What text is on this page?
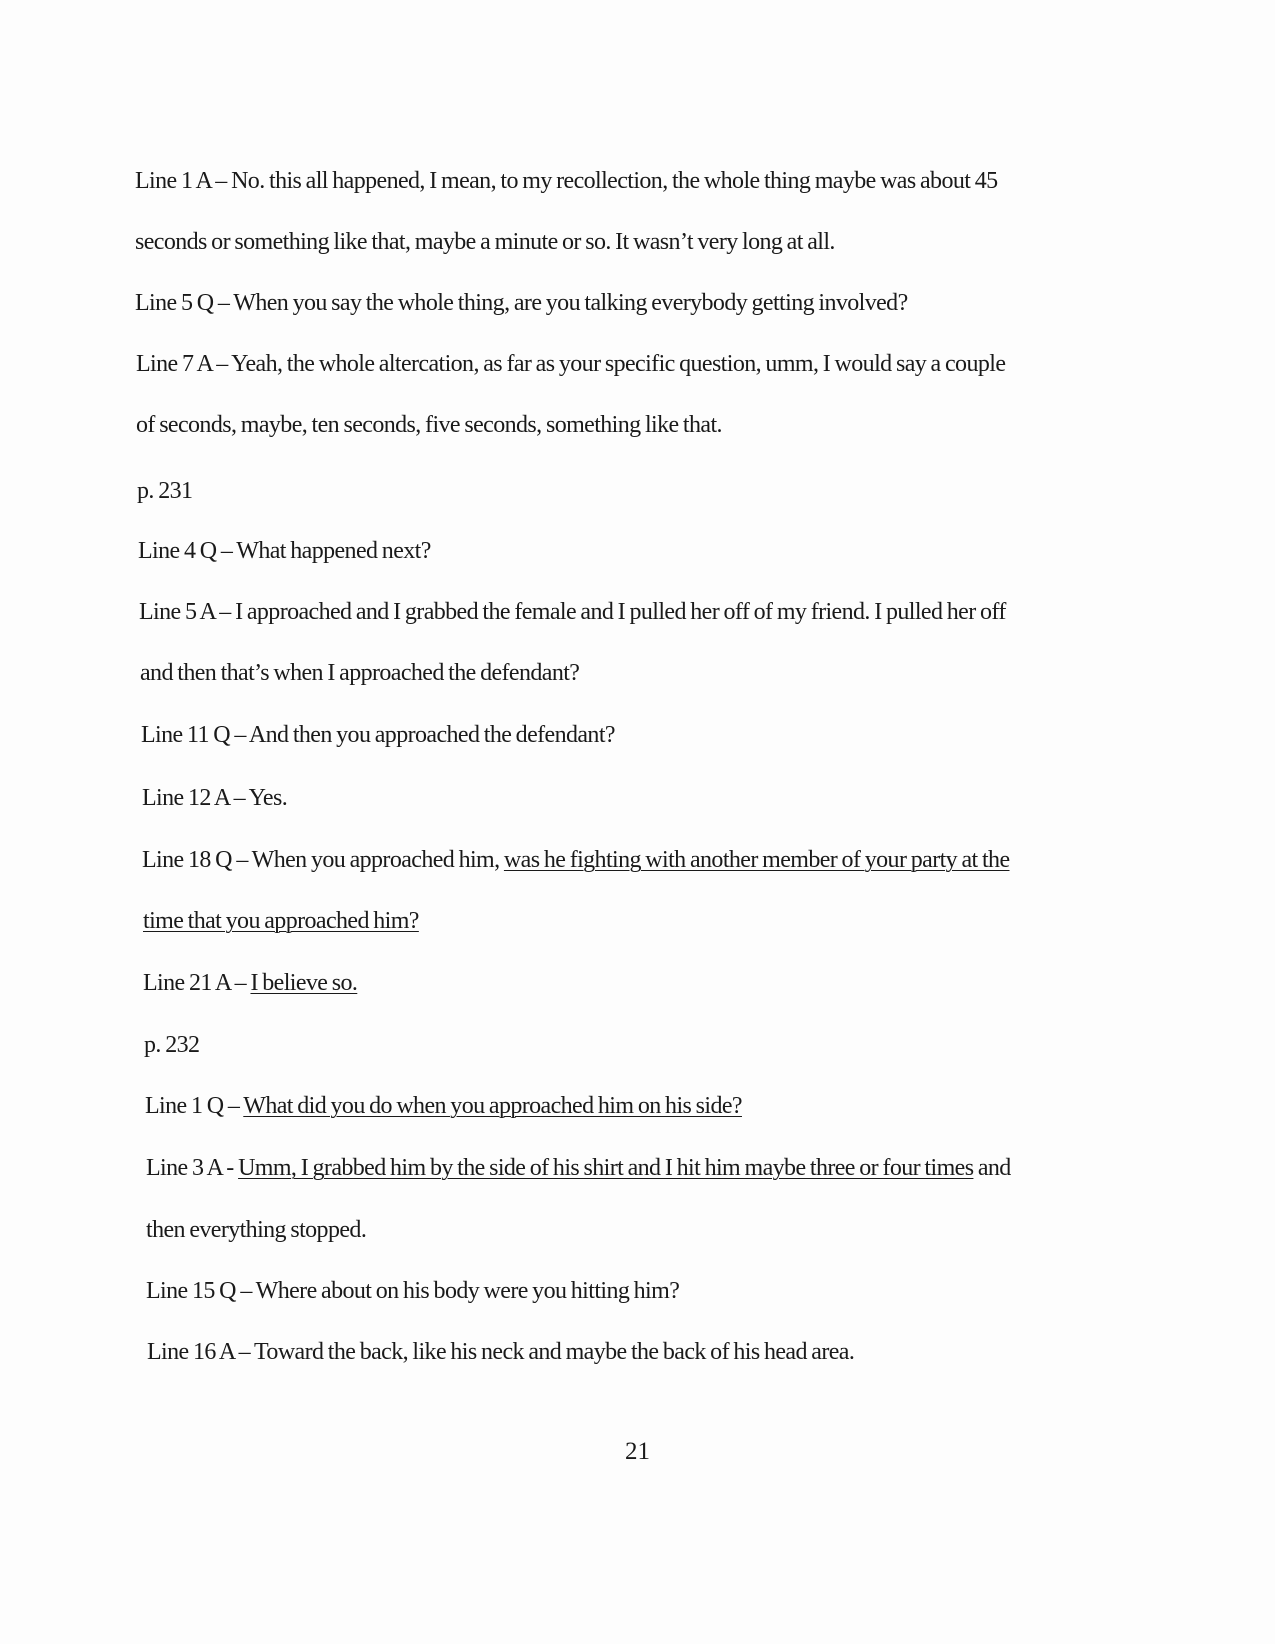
Line 1 A – No. this all happened, I mean, to my recollection, the whole thing maybe was about 45
seconds or something like that, maybe a minute or so. It wasn’t very long at all.
Line 5 Q – When you say the whole thing, are you talking everybody getting involved?
Line 7 A – Yeah, the whole altercation, as far as your specific question, umm, I would say a couple
of seconds, maybe, ten seconds, five seconds, something like that.
p. 231
Line 4 Q – What happened next?
Line 5 A – I approached and I grabbed the female and I pulled her off of my friend. I pulled her off
and then that’s when I approached the defendant?
Line 11 Q – And then you approached the defendant?
Line 12 A – Yes.
Line 18 Q – When you approached him, was he fighting with another member of your party at the
time that you approached him?
Line 21 A – I believe so.
p. 232
Line 1 Q – What did you do when you approached him on his side?
Line 3 A - Umm, I grabbed him by the side of his shirt and I hit him maybe three or four times and
then everything stopped.
Line 15 Q – Where about on his body were you hitting him?
Line 16 A – Toward the back, like his neck and maybe the back of his head area.
21
